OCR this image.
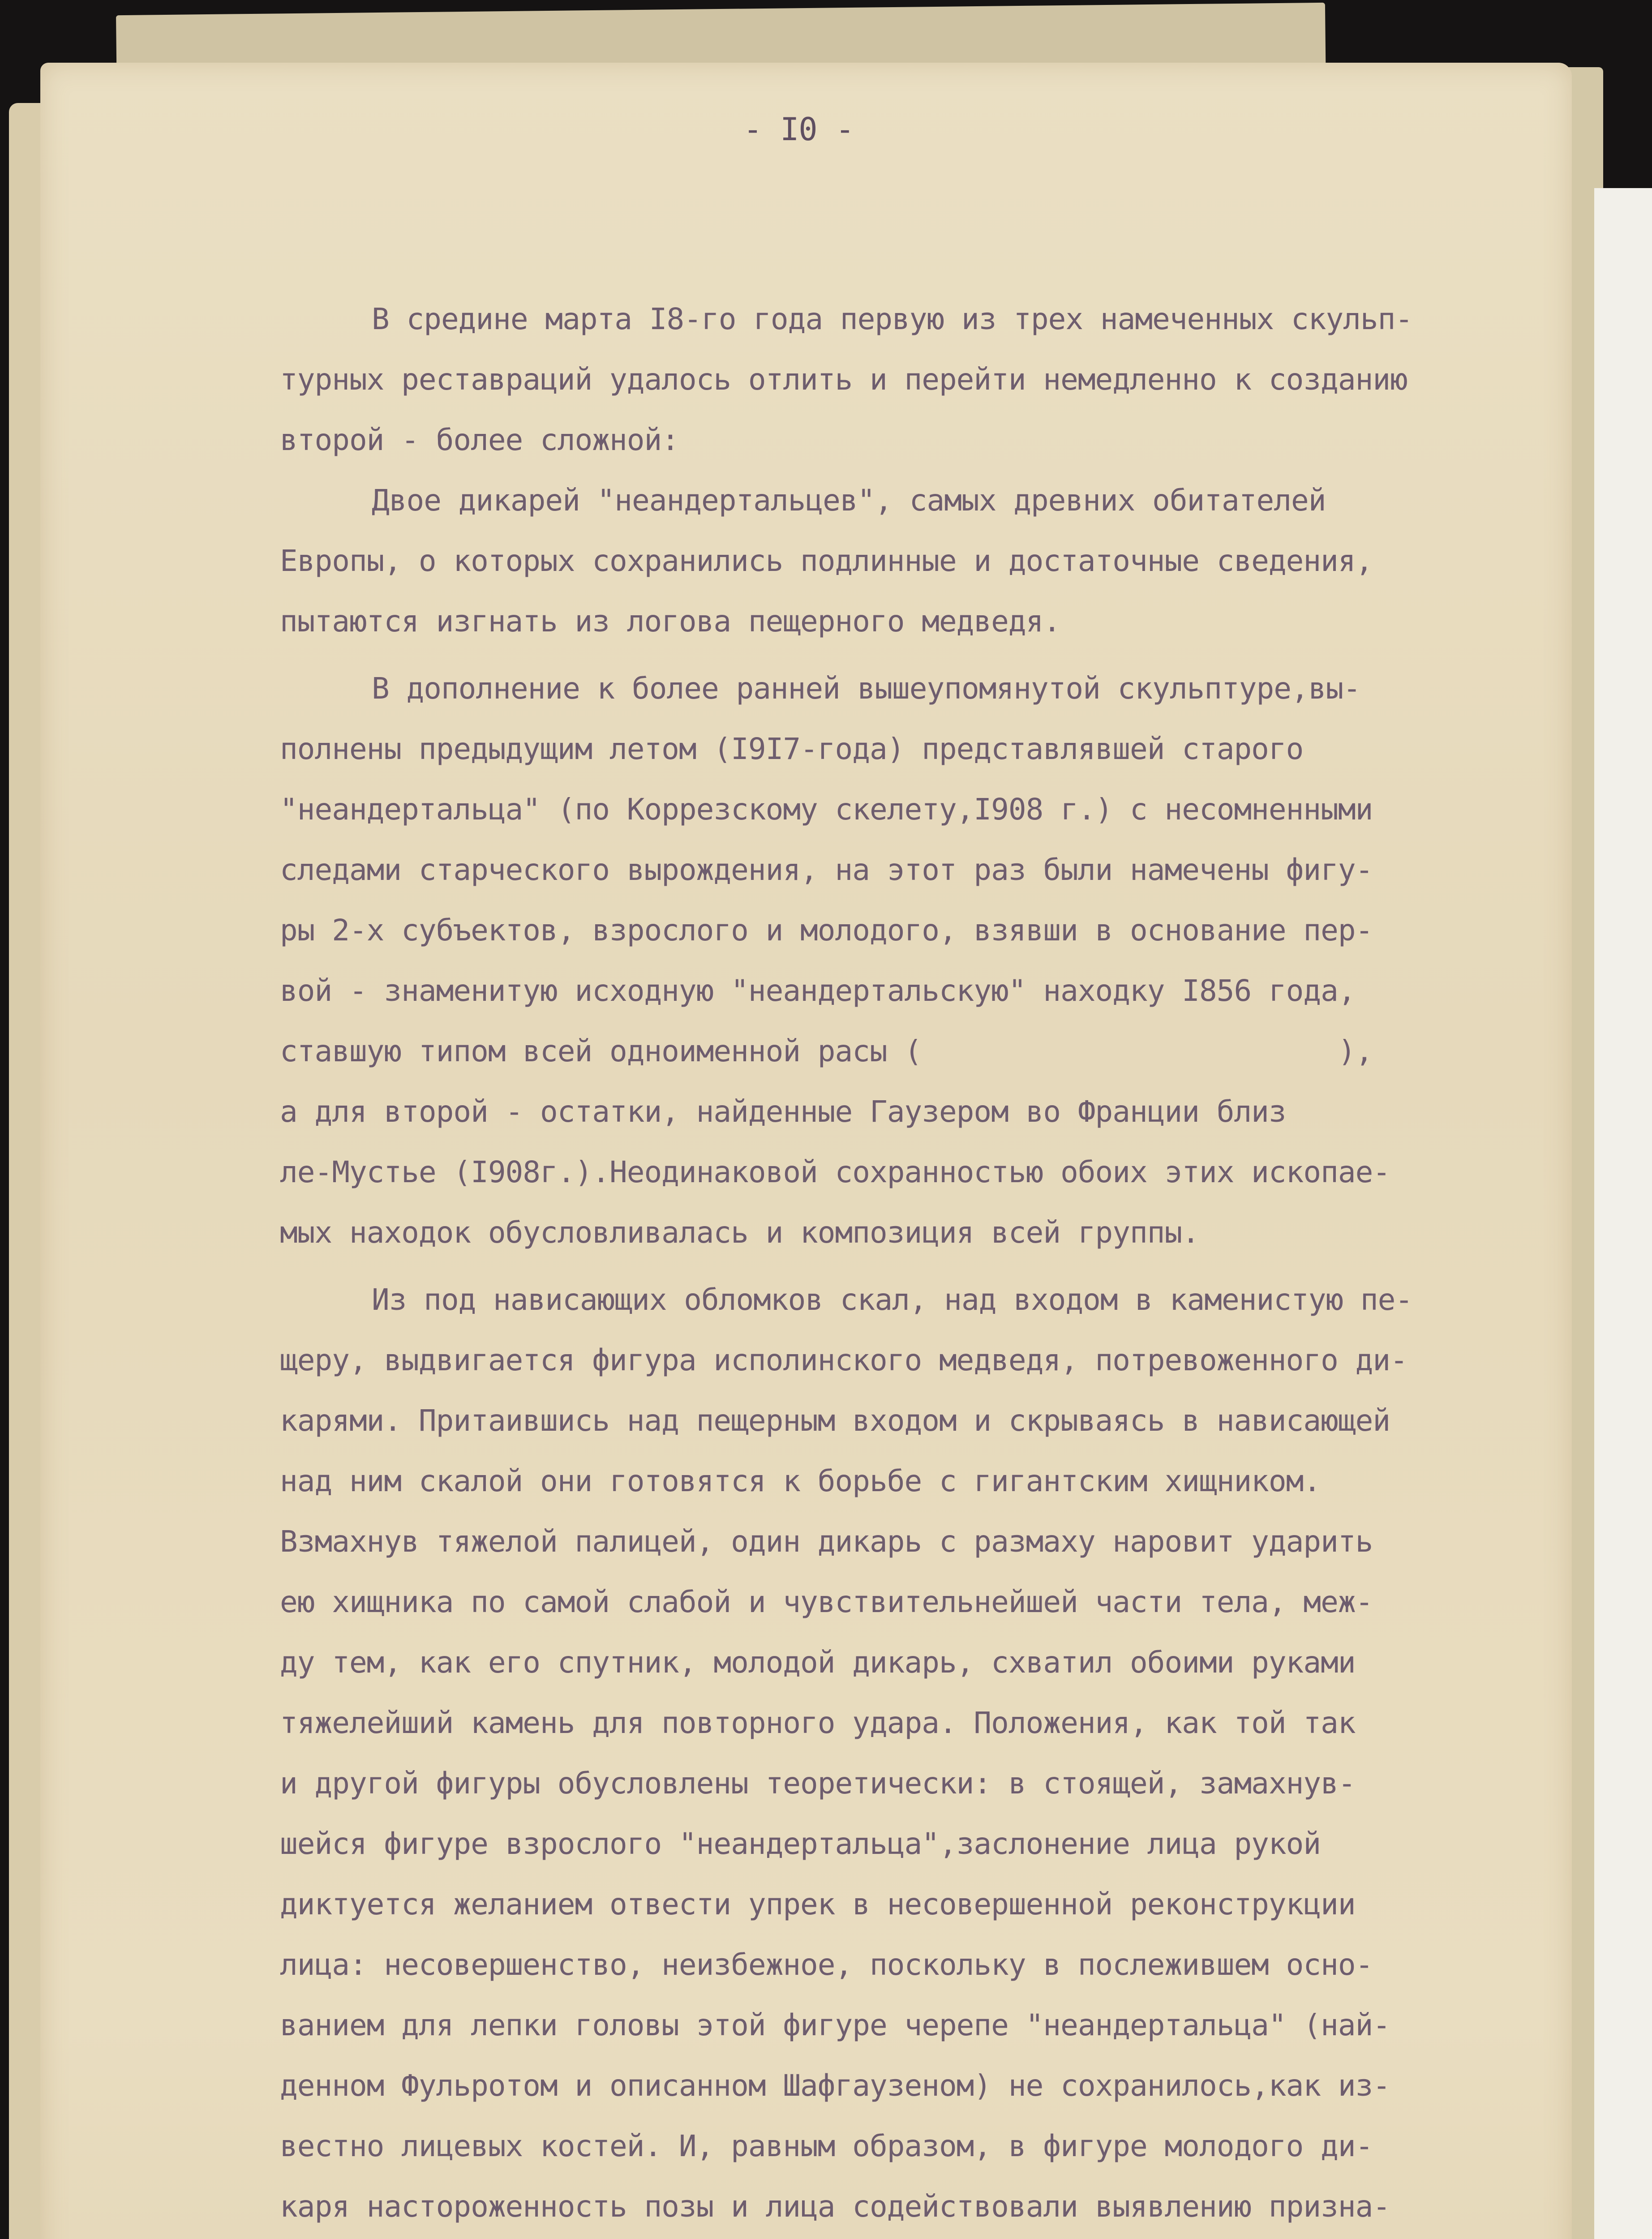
- I0 -
В средине марта I8-го года первую из трех намеченных скульп-
турных реставраций удалось отлить и перейти немедленно к созданию
второй - более сложной:
Двое дикарей "неандертальцев", самых древних обитателей
Европы, о которых сохранились подлинные и достаточные сведения,
пытаются изгнать из логова пещерного медведя.
В дополнение к более ранней вышеупомянутой скульптуре,вы-
полнены предыдущим летом (I9I7-года) представлявшей старого
"неандертальца" (по Коррезскому скелету,I908 г.) с несомненными
следами старческого вырождения, на этот раз были намечены фигу-
ры 2-х субъектов, взрослого и молодого, взявши в основание пер-
вой - знаменитую исходную "неандертальскую" находку I856 года,
ставшую типом всей одноименной расы (                        ),
а для второй - остатки, найденные Гаузером во Франции близ
ле-Мустье (I908г.).Неодинаковой сохранностью обоих этих ископае-
мых находок обусловливалась и композиция всей группы.
Из под нависающих обломков скал, над входом в каменистую пе-
щеру, выдвигается фигура исполинского медведя, потревоженного ди-
карями. Притаившись над пещерным входом и скрываясь в нависающей
над ним скалой они готовятся к борьбе с гигантским хищником.
Взмахнув тяжелой палицей, один дикарь с размаху наровит ударить
ею хищника по самой слабой и чувствительнейшей части тела, меж-
ду тем, как его спутник, молодой дикарь, схватил обоими руками
тяжелейший камень для повторного удара. Положения, как той так
и другой фигуры обусловлены теоретически: в стоящей, замахнув-
шейся фигуре взрослого "неандертальца",заслонение лица рукой
диктуется желанием отвести упрек в несовершенной реконструкции
лица: несовершенство, неизбежное, поскольку в послежившем осно-
ванием для лепки головы этой фигуре черепе "неандертальца" (най-
денном Фульротом и описанном Шафгаузеном) не сохранилось,как из-
вестно лицевых костей. И, равным образом, в фигуре молодого ди-
каря настороженность позы и лица содействовали выявлению призна-
